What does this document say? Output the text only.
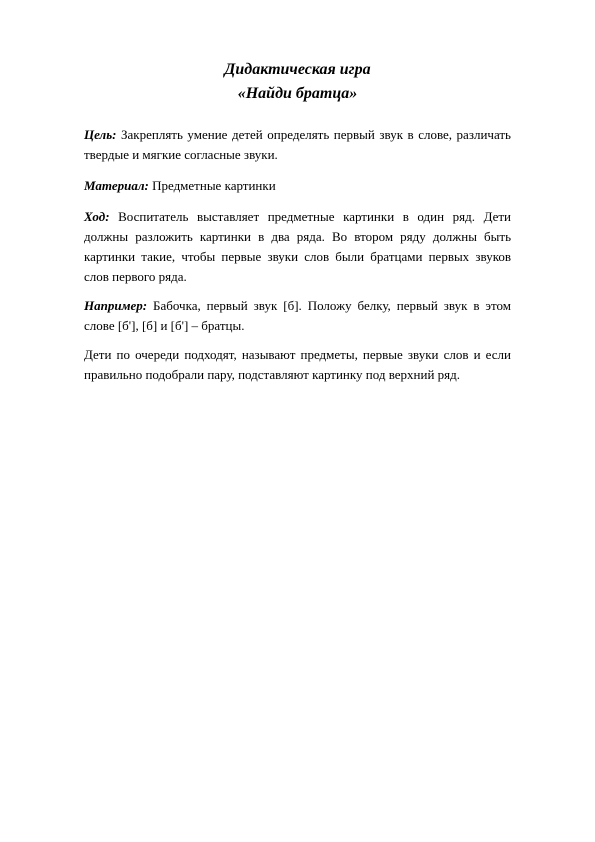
Дидактическая игра

«Найди братца»

Цель: Закреплять умение детей определять первый звук в слове, различать твердые и мягкие согласные звуки.

Материал: Предметные картинки

Ход: Воспитатель выставляет предметные картинки в один ряд. Дети должны разложить картинки в два ряда. Во втором ряду должны быть картинки такие, чтобы первые звуки слов были братцами первых звуков слов первого ряда.

Например: Бабочка, первый звук [б]. Положу белку, первый звук в этом слове [б'], [б] и [б'] – братцы.

Дети по очереди подходят, называют предметы, первые звуки слов и если правильно подобрали пару, подставляют картинку под верхний ряд.
